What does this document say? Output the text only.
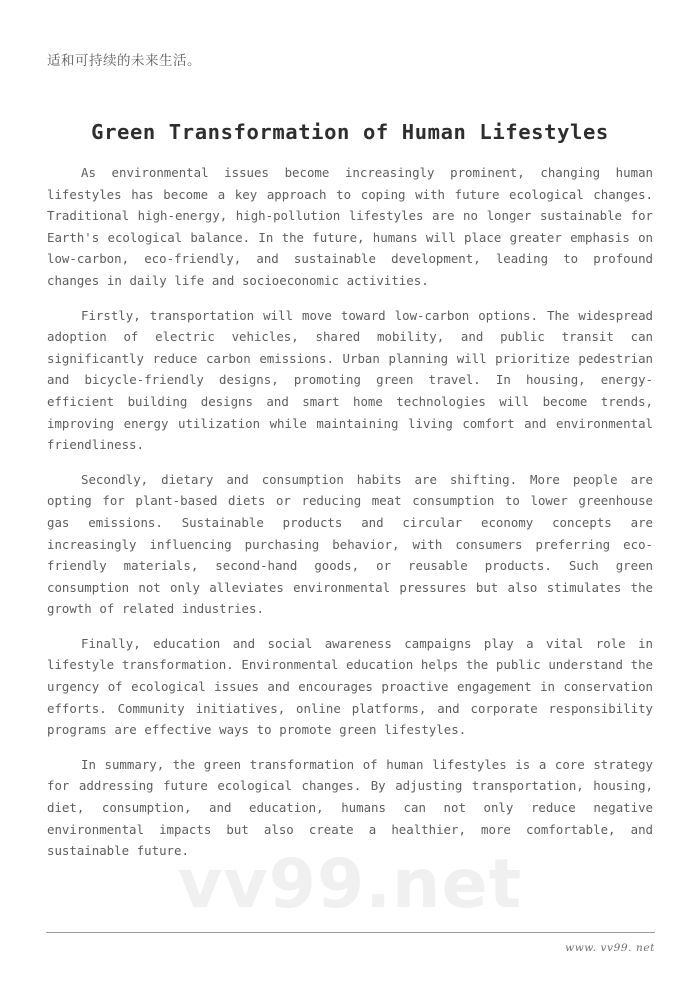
vv99.net
适和可持续的未来生活。
Green Transformation of Human Lifestyles

As environmental issues become increasingly prominent, changing human lifestyles has become a key approach to coping with future ecological changes. Traditional high-energy, high-pollution lifestyles are no longer sustainable for Earth's ecological balance. In the future, humans will place greater emphasis on low-carbon, eco-friendly, and sustainable development, leading to profound changes in daily life and socioeconomic activities.

Firstly, transportation will move toward low-carbon options. The widespread adoption of electric vehicles, shared mobility, and public transit can significantly reduce carbon emissions. Urban planning will prioritize pedestrian and bicycle-friendly designs, promoting green travel. In housing, energy-efficient building designs and smart home technologies will become trends, improving energy utilization while maintaining living comfort and environmental friendliness.

Secondly, dietary and consumption habits are shifting. More people are opting for plant-based diets or reducing meat consumption to lower greenhouse gas emissions. Sustainable products and circular economy concepts are increasingly influencing purchasing behavior, with consumers preferring eco-friendly materials, second-hand goods, or reusable products. Such green consumption not only alleviates environmental pressures but also stimulates the growth of related industries.

Finally, education and social awareness campaigns play a vital role in lifestyle transformation. Environmental education helps the public understand the urgency of ecological issues and encourages proactive engagement in conservation efforts. Community initiatives, online platforms, and corporate responsibility programs are effective ways to promote green lifestyles.

In summary, the green transformation of human lifestyles is a core strategy for addressing future ecological changes. By adjusting transportation, housing, diet, consumption, and education, humans can not only reduce negative environmental impacts but also create a healthier, more comfortable, and sustainable future.

www. vv99. net
